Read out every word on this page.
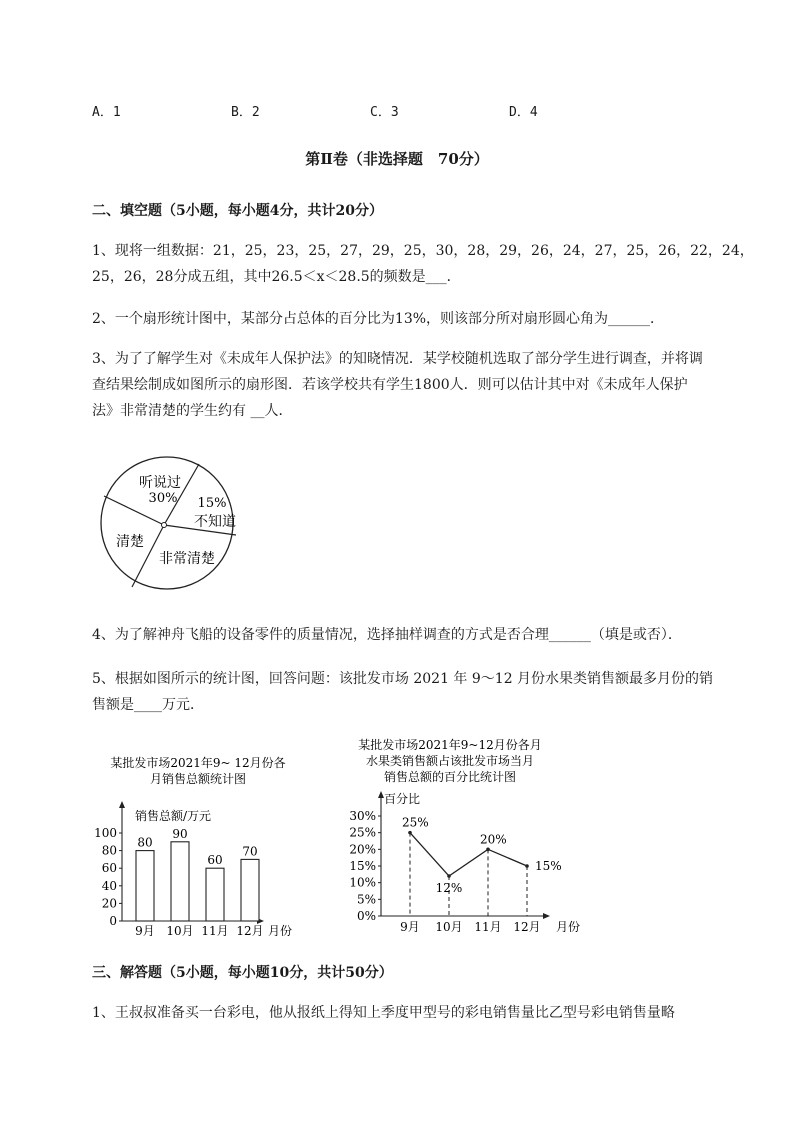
A．1	B．2	C．3	D．4
第Ⅱ卷（非选择题　70分）
二、填空题（5小题，每小题4分，共计20分）
1、现将一组数据：21，25，23，25，27，29，25，30，28，29，26，24，27，25，26，22，24，
25，26，28分成五组，其中26.5＜x＜28.5的频数是___．
2、一个扇形统计图中，某部分占总体的百分比为13%，则该部分所对扇形圆心角为______．
3、为了了解学生对《未成年人保护法》的知晓情况．某学校随机选取了部分学生进行调查，并将调
查结果绘制成如图所示的扇形图．若该学校共有学生1800人．则可以估计其中对《未成年人保护
法》非常清楚的学生约有 __人．
听说过
30% 15%
不知道
清楚
非常清楚
4、为了解神舟飞船的设备零件的质量情况，选择抽样调查的方式是否合理______（填是或否）．
5、根据如图所示的统计图，回答问题：该批发市场 2021 年 9～12 月份水果类销售额最多月份的销
售额是____万元．
某批发市场2021年9~ 12月份各
月销售总额统计图
销售总额/万元
月份
0
20
40
60
80
100
80
9月
90
10月
60
11月
70
12月
某批发市场2021年9~12月份各月
水果类销售额占该批发市场当月
销售总额的百分比统计图
百分比
月份
0%
5%
10%
15%
20%
25%
30%
9月 10月 11月 12月
25%
12%
20%
15%
三、解答题（5小题，每小题10分，共计50分）
1、王叔叔准备买一台彩电，他从报纸上得知上季度甲型号的彩电销售量比乙型号彩电销售量略
